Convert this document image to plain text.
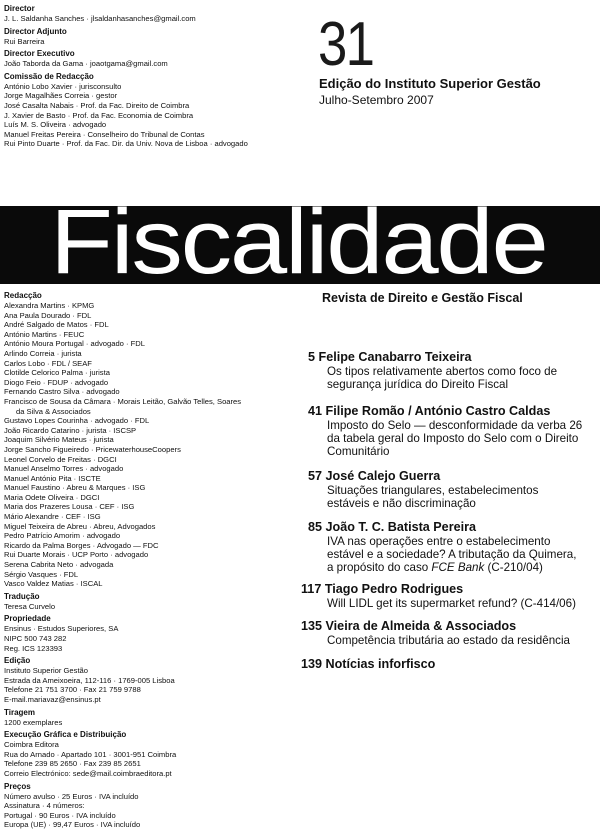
Director
J. L. Saldanha Sanches · jlsaldanhasanches@gmail.com
Director Adjunto
Rui Barreira
Director Executivo
João Taborda da Gama · joaotgama@gmail.com
Comissão de Redacção
António Lobo Xavier · jurisconsulto
Jorge Magalhães Correia · gestor
José Casalta Nabais · Prof. da Fac. Direito de Coimbra
J. Xavier de Basto · Prof. da Fac. Economia de Coimbra
Luís M. S. Oliveira · advogado
Manuel Freitas Pereira · Conselheiro do Tribunal de Contas
Rui Pinto Duarte · Prof. da Fac. Dir. da Univ. Nova de Lisboa · advogado
31
Edição do Instituto Superior Gestão
Julho-Setembro 2007
Fiscalidade
Revista de Direito e Gestão Fiscal
Redacção
Alexandra Martins · KPMG
Ana Paula Dourado · FDL
André Salgado de Matos · FDL
António Martins · FEUC
António Moura Portugal · advogado · FDL
Arlindo Correia · jurista
Carlos Lobo · FDL / SEAF
Clotilde Celorico Palma · jurista
Diogo Feio · FDUP · advogado
Fernando Castro Silva · advogado
Francisco de Sousa da Câmara · Morais Leitão, Galvão Telles, Soares
da Silva & Associados
Gustavo Lopes Courinha · advogado · FDL
João Ricardo Catarino · jurista · ISCSP
Joaquim Silvério Mateus · jurista
Jorge Sancho Figueiredo · PricewaterhouseCoopers
Leonel Corvelo de Freitas · DGCI
Manuel Anselmo Torres · advogado
Manuel António Pita · ISCTE
Manuel Faustino · Abreu & Marques · ISG
Maria Odete Oliveira · DGCI
Maria dos Prazeres Lousa · CEF · ISG
Mário Alexandre · CEF · ISG
Miguel Teixeira de Abreu · Abreu, Advogados
Pedro Patrício Amorim · advogado
Ricardo da Palma Borges · Advogado — FDC
Rui Duarte Morais · UCP Porto · advogado
Serena Cabrita Neto · advogada
Sérgio Vasques · FDL
Vasco Valdez Matias · ISCAL
Tradução
Teresa Curvelo
Propriedade
Ensinus · Estudos Superiores, SA
NIPC 500 743 282
Reg. ICS 123393
Edição
Instituto Superior Gestão
Estrada da Ameixoeira, 112-116 · 1769-005 Lisboa
Telefone 21 751 3700 · Fax 21 759 9788
E-mail.mariavaz@ensinus.pt
Tiragem
1200 exemplares
Execução Gráfica e Distribuição
Coimbra Editora
Rua do Arnado · Apartado 101 · 3001-951 Coimbra
Telefone 239 85 2650 · Fax 239 85 2651
Correio Electrónico: sede@mail.coimbraeditora.pt
Preços
Número avulso · 25 Euros · IVA incluído
Assinatura · 4 números:
Portugal · 90 Euros · IVA incluído
Europa (UE) · 99,47 Euros · IVA incluído
5 Felipe Canabarro Teixeira
Os tipos relativamente abertos como foco de
segurança jurídica do Direito Fiscal
41 Filipe Romão / António Castro Caldas
Imposto do Selo — desconformidade da verba 26
da tabela geral do Imposto do Selo com o Direito
Comunitário
57 José Calejo Guerra
Situações triangulares, estabelecimentos
estáveis e não discriminação
85 João T. C. Batista Pereira
IVA nas operações entre o estabelecimento
estável e a sociedade? A tributação da Quimera,
a propósito do caso FCE Bank (C-210/04)
117 Tiago Pedro Rodrigues
Will LIDL get its supermarket refund? (C-414/06)
135 Vieira de Almeida & Associados
Competência tributária ao estado da residência
139 Notícias inforfisco
